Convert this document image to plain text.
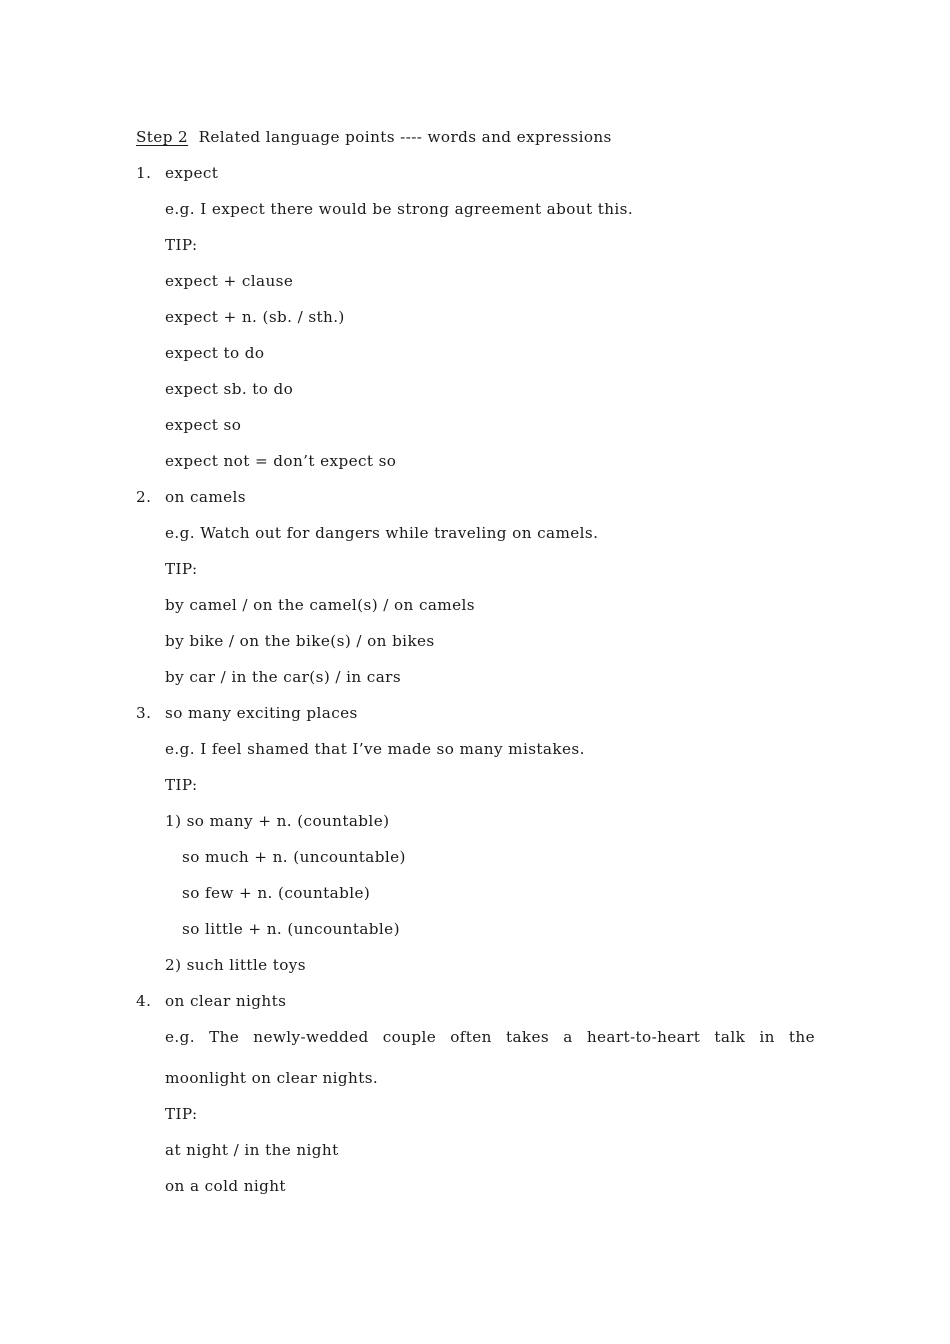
Step 2 Related language points ---- words and expressions
1. expect
e.g. I expect there would be strong agreement about this.
TIP:
expect + clause
expect + n. (sb. / sth.)
expect to do
expect sb. to do
expect so
expect not = don’t expect so
2. on camels
e.g. Watch out for dangers while traveling on camels.
TIP:
by camel / on the camel(s) / on camels
by bike / on the bike(s) / on bikes
by car / in the car(s) / in cars
3. so many exciting places
e.g. I feel shamed that I’ve made so many mistakes.
TIP:
1) so many + n. (countable)
so much + n. (uncountable)
so few + n. (countable)
so little + n. (uncountable)
2) such little toys
4. on clear nights
e.g. The newly-wedded couple often takes a heart-to-heart talk in the
moonlight on clear nights.
TIP:
at night / in the night
on a cold night
